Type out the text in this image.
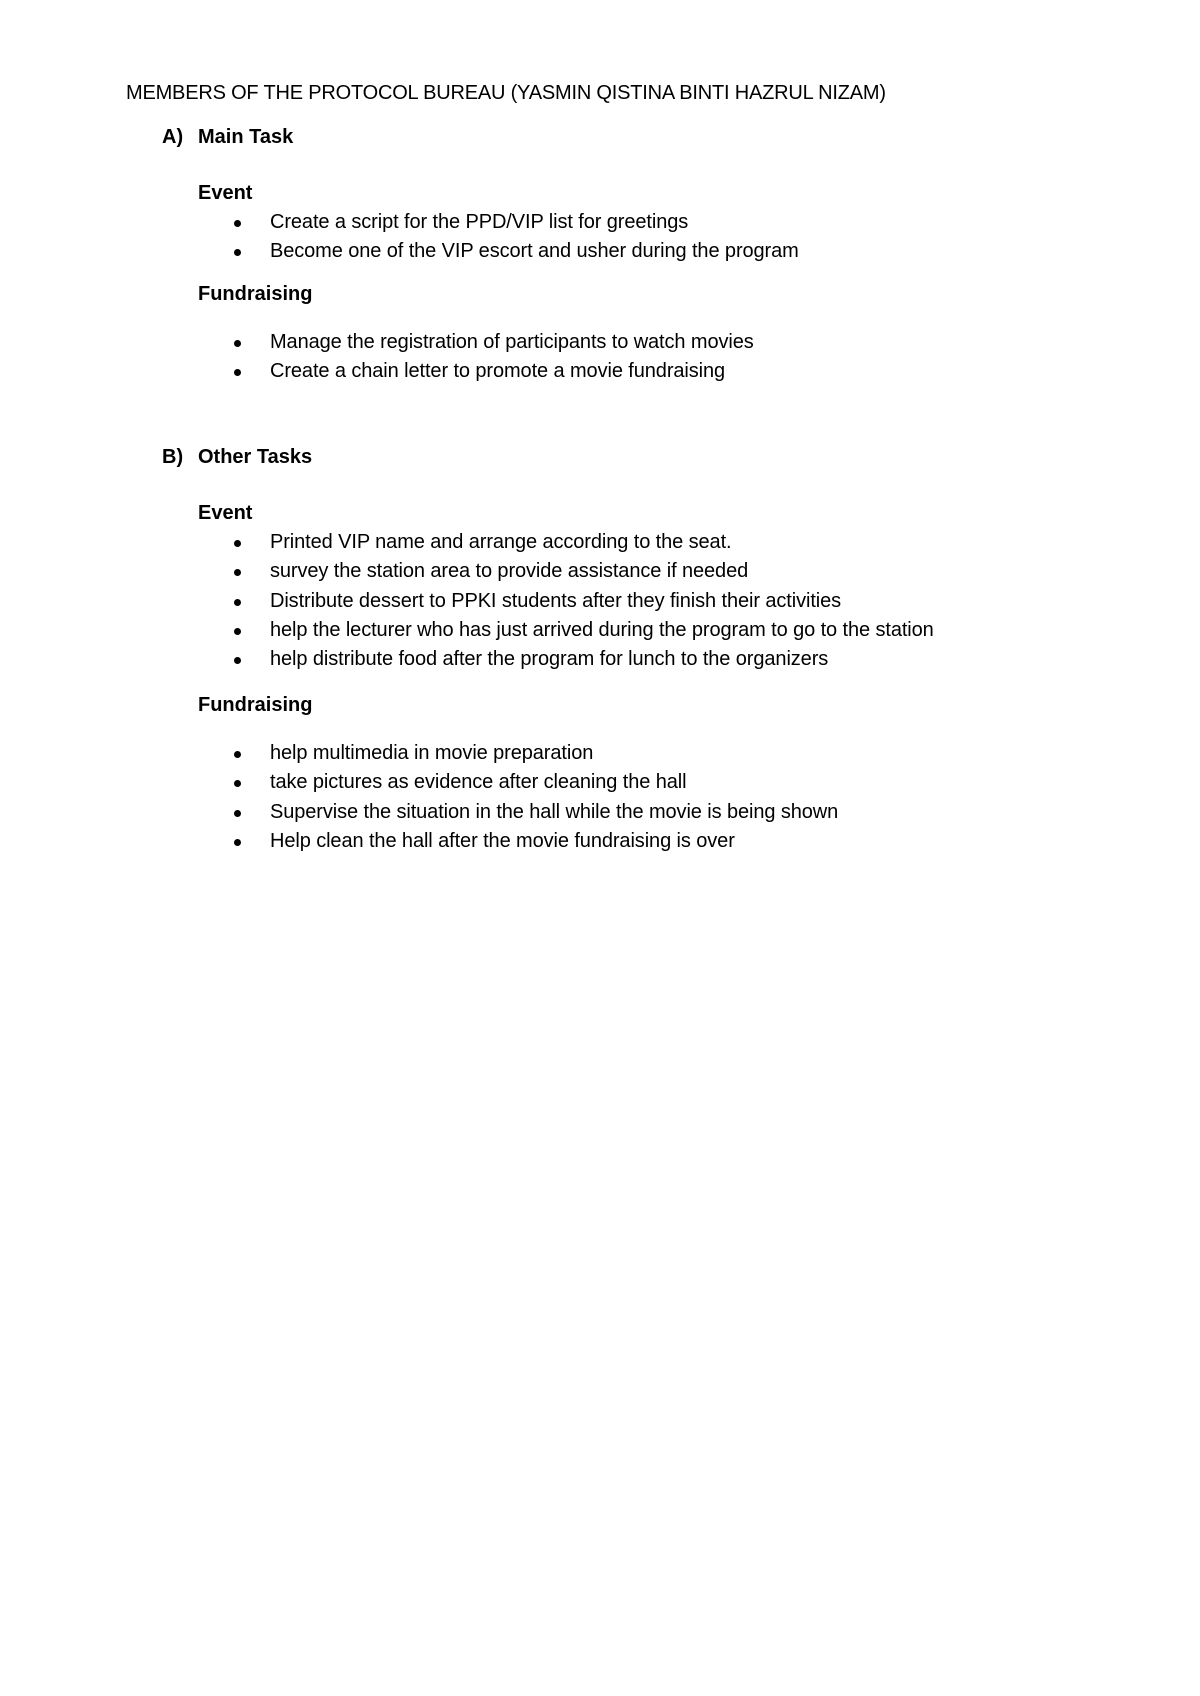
MEMBERS OF THE PROTOCOL BUREAU (YASMIN QISTINA BINTI HAZRUL NIZAM)
A) Main Task
Event
Create a script for the PPD/VIP list for greetings
Become one of the VIP escort and usher during the program
Fundraising
Manage the registration of participants to watch movies
Create a chain letter to promote a movie fundraising
B) Other Tasks
Event
Printed VIP name and arrange according to the seat.
survey the station area to provide assistance if needed
Distribute dessert to PPKI students after they finish their activities
help the lecturer who has just arrived during the program to go to the station
help distribute food after the program for lunch to the organizers
Fundraising
help multimedia in movie preparation
take pictures as evidence after cleaning the hall
Supervise the situation in the hall while the movie is being shown
Help clean the hall after the movie fundraising is over
